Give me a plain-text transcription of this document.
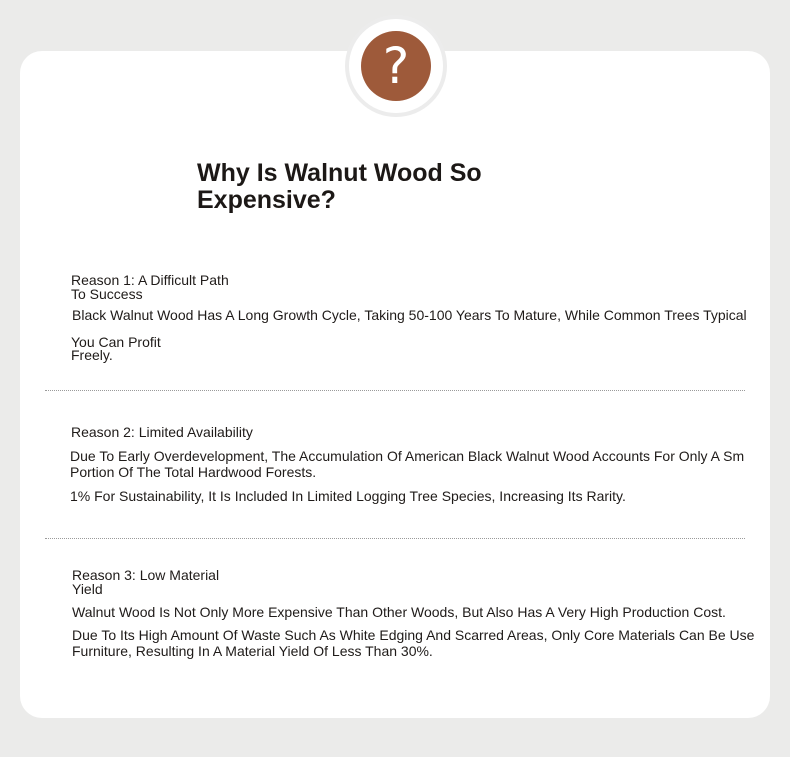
?
Why Is Walnut Wood So
Expensive?
Reason 1: A Difficult Path
To Success

Black Walnut Wood Has A Long Growth Cycle, Taking 50-100 Years To Mature, While Common Trees Typical

You Can Profit
Freely.

Reason 2: Limited Availability

Due To Early Overdevelopment, The Accumulation Of American Black Walnut Wood Accounts For Only A Sm
Portion Of The Total Hardwood Forests.

1% For Sustainability, It Is Included In Limited Logging Tree Species, Increasing Its Rarity.

Reason 3: Low Material
Yield

Walnut Wood Is Not Only More Expensive Than Other Woods, But Also Has A Very High Production Cost.

Due To Its High Amount Of Waste Such As White Edging And Scarred Areas, Only Core Materials Can Be Use
Furniture, Resulting In A Material Yield Of Less Than 30%.
